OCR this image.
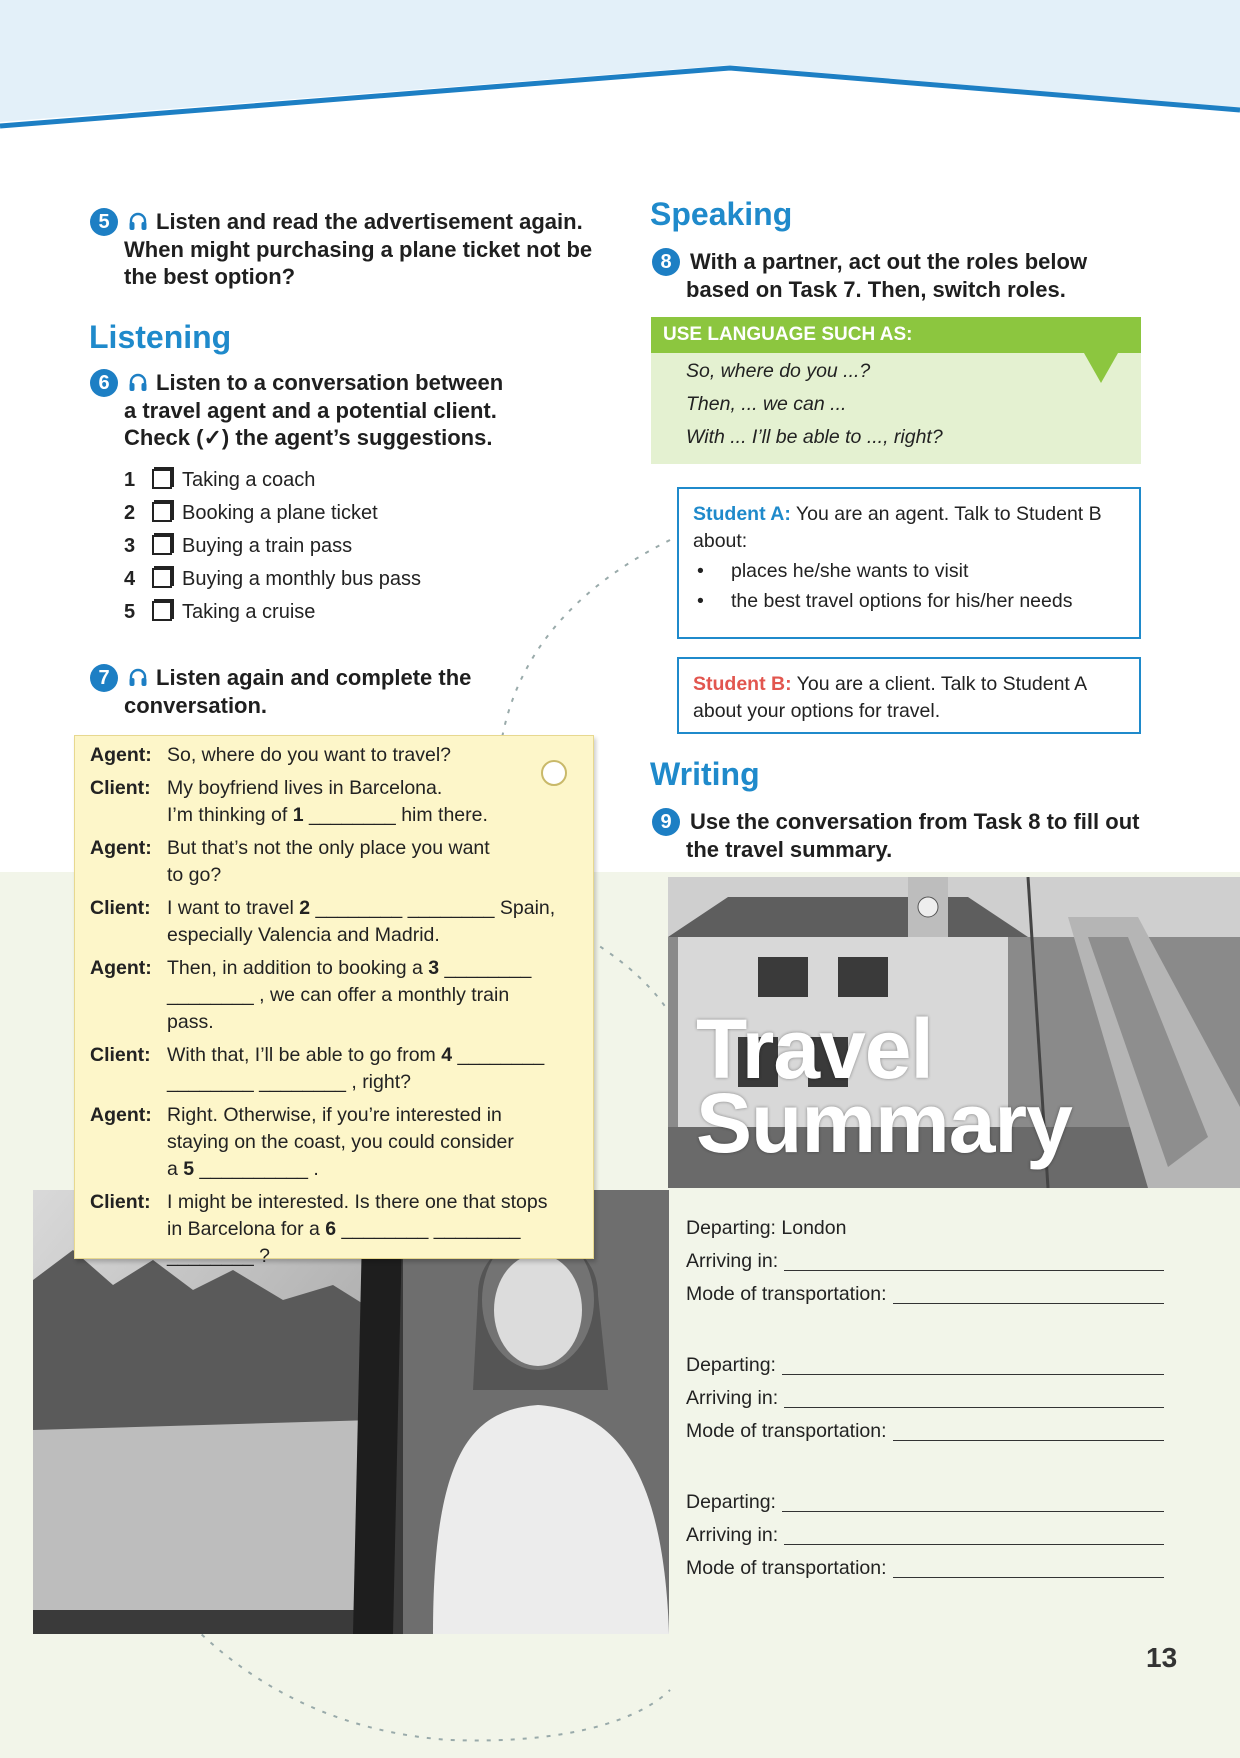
5 Listen and read the advertisement again.
When might purchasing a plane ticket not be
the best option?
Listening
6 Listen to a conversation between
a travel agent and a potential client.
Check (✓) the agent’s suggestions.
1 Taking a coach
2 Booking a plane ticket
3 Buying a train pass
4 Buying a monthly bus pass
5 Taking a cruise
7 Listen again and complete the
conversation.
Agent: So, where do you want to travel?
Client: My boyfriend lives in Barcelona.
I’m thinking of 1 ________ him there.
Agent: But that’s not the only place you want
to go?
Client: I want to travel 2 ________ ________ Spain,
especially Valencia and Madrid.
Agent: Then, in addition to booking a 3 ________
________ , we can offer a monthly train pass.
Client: With that, I’ll be able to go from 4 ________
________ ________ , right?
Agent: Right. Otherwise, if you’re interested in
staying on the coast, you could consider
a 5 __________ .
Client: I might be interested. Is there one that stops
in Barcelona for a 6 ________ ________
________ ?
Speaking
8 With a partner, act out the roles below
based on Task 7. Then, switch roles.
USE LANGUAGE SUCH AS:
So, where do you ...?
Then, ... we can ...
With ... I’ll be able to ..., right?
Student A: You are an agent. Talk to Student B
about:
•	places he/she wants to visit
•	the best travel options for his/her needs
Student B: You are a client. Talk to Student A
about your options for travel.
Writing
9 Use the conversation from Task 8 to fill out
the travel summary.
Travel
Summary
Departing: London
Arriving in:
Mode of transportation:
Departing:
Arriving in:
Mode of transportation:
Departing:
Arriving in:
Mode of transportation:
13
